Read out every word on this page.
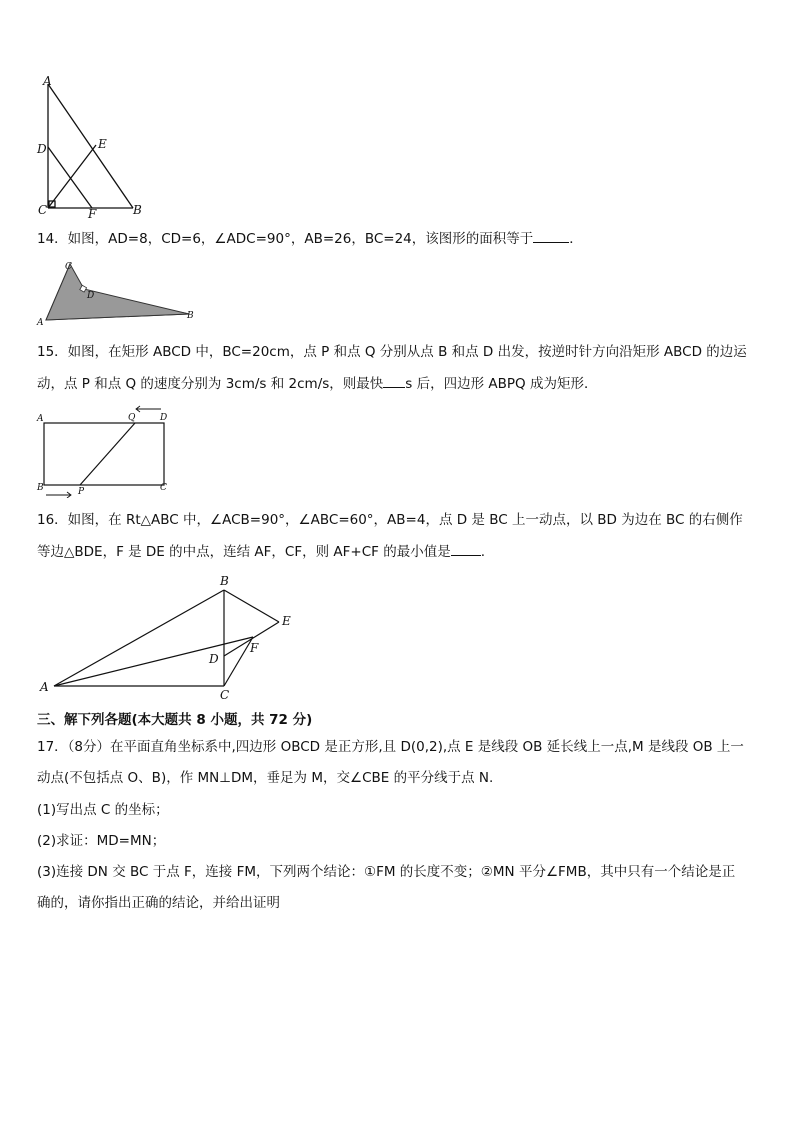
A
D	E
C	F	B
14．如图，AD=8，CD=6，∠ADC=90°，AB=26，BC=24，该图形的面积等于	．
A
B
C
D
15．如图，在矩形 ABCD 中，BC=20cm，点 P 和点 Q 分别从点 B 和点 D 出发，按逆时针方向沿矩形 ABCD 的边运
动，点 P 和点 Q 的速度分别为 3cm/s 和 2cm/s，则最快 s 后，四边形 ABPQ 成为矩形．
A	Q	D
B	P	C
16．如图，在 Rt△ABC 中，∠ACB=90°，∠ABC=60°，AB=4，点 D 是 BC 上一动点，以 BD 为边在 BC 的右侧作
等边△BDE，F 是 DE 的中点，连结 AF，CF，则 AF+CF 的最小值是 .
B
E
F
D
A
C
三、解下列各题(本大题共 8 小题，共 72 分)
17．（8分）在平面直角坐标系中,四边形 OBCD 是正方形,且 D(0,2),点 E 是线段 OB 延长线上一点,M 是线段 OB 上一
动点(不包括点 O、B)，作 MN⊥DM，垂足为 M，交∠CBE 的平分线于点 N.
(1)写出点 C 的坐标；
(2)求证：MD=MN；
(3)连接 DN 交 BC 于点 F，连接 FM，下列两个结论：①FM 的长度不变；②MN 平分∠FMB，其中只有一个结论是正
确的，请你指出正确的结论，并给出证明
